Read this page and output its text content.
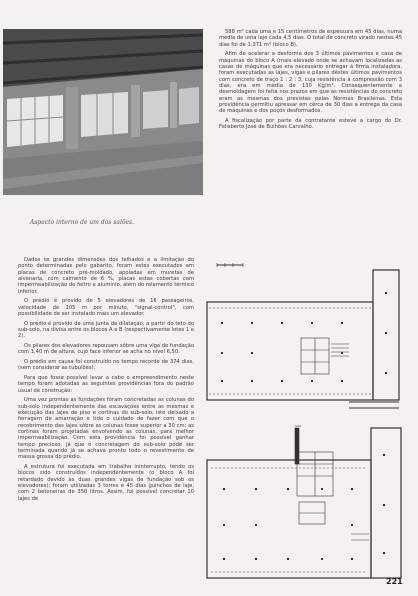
Aspecto interno de um dos salões.

Dados os grandes dimensões dos telhados e a limitação do ponto determinadas pelo gabarito, foram estes executados em placas de concreto pré-moldado, apoiadas em muretas de alvenaria, com caimento de 6 %, placas estas cobertas com impermeabilização de feltro e alumínio, além do rolamento térmico inferior.

O prédio é provido de 5 elevadores de 16 passageiros, velocidade de 105 m por minuto, "signal-control", com possibilidade de ser instalado mais um elevador.

O prédio é provido de uma junta de dilatação, a partir do teto do sub-solo, na divisa entre os blocos A e B (respectivamente lotes 1 e 2).

Os pilares dos elevadores repousam sôbre uma viga de fundação com 1,40 m de altura, cujo face inferior se acha no nível 6,50.

O prédio em causa foi construído no tempo recorde de 374 dias, (sem considerar as tubulões).

Para que fosse possível levar a cabo o empreendimento neste tempo foram adotadas as seguintes providências fora do padrão usual de construção:

Uma vez prontas as fundações foram concretadas as colunas do sub-solo independentemente das escavações entre as mesmas e execução das lajes de piso e cortinas do sub-solo, isto deixado a ferragem de amarração e tido o cuidado de fazer com que o recobrimento das lajes sôbre as colunas fosse superior a 30 cm; as cortinas foram projetadas envolvendo as colunas, para melhor impermeabilização. Com esta providência foi possível ganhar tempo precioso, já que o concretagem do sub-solo pôde ser terminada quando já se achava pronto todo o revestimento de massa grossa do prédio.

A estrutura foi executada em trabalho ininterrupto, tendo os blocos sido construídos independentemente (o bloco A foi retardado devido às duas grandes vigas de fundação sob os elevadores); foram utilizadas 3 torres e 45 dias guinchos de laje, com 2 betoneiras de 350 litros. Assim, foi possível concretar 10 lajes de

588 m³ cada uma e 15 centímetros de espessura em 45 dias, numa média de uma laje cada 4,5 dias. O total de concreto virado nestes 45 dias foi de 1.371 m³ (bloco B).

Afim de acelerar a desforma dos 3 últimos pavimentos e casa de máquinas do bloco A (mais elevado onde se achavam localizadas as casas de máquinas que era necessário entregar à firma instaladora, foram executadas as lajes, vigas e pilares dêstes últimos pavimentos com concreto de traço 1 : 2 : 3, cuja resistência à compressão com 3 dias, era em média de 130 Kg/m². Consequentemente a desmoldagem foi feita nos prazos em que as resistências do concreto eram as mesmas dos previstas pelas Normas Brasileiras. Esta providência permitiu apressar em cêrca de 30 dias a entrega da casa de máquinas e dos poços desformados.

A fiscalização por parte da contratante esteve a cargo do Dr. Felisberto José de Bulhões Carvalho.

221
